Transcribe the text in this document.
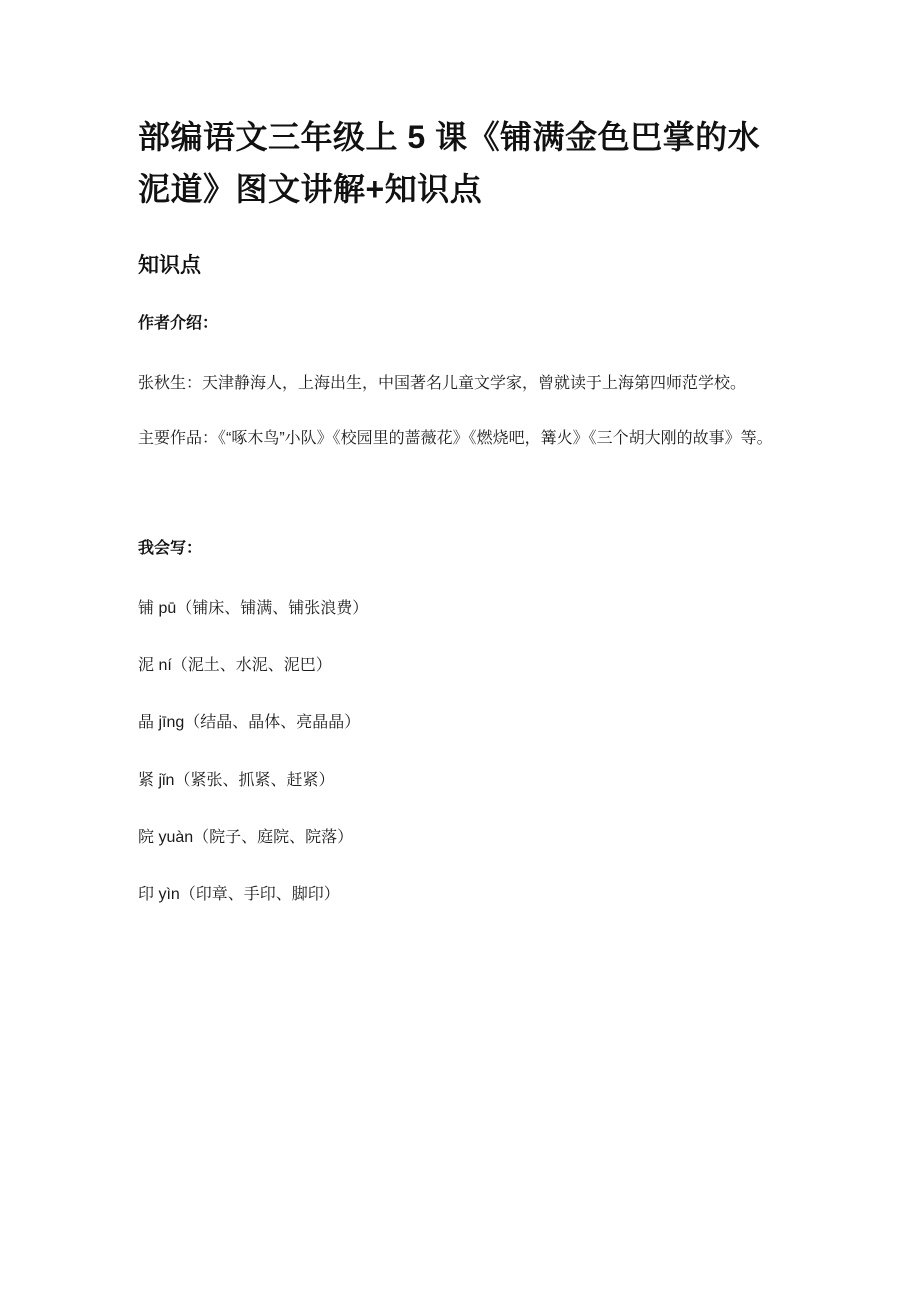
部编语文三年级上 5 课《铺满金色巴掌的水泥道》图文讲解+知识点
知识点
作者介绍：

张秋生：天津静海人，上海出生，中国著名儿童文学家，曾就读于上海第四师范学校。

主要作品：《“啄木鸟”小队》《校园里的蔷薇花》《燃烧吧，篝火》《三个胡大刚的故事》等。

我会写：

铺 pū（铺床、铺满、铺张浪费）

泥 ní（泥土、水泥、泥巴）

晶 jīng（结晶、晶体、亮晶晶）

紧 jǐn（紧张、抓紧、赶紧）

院 yuàn（院子、庭院、院落）

印 yìn（印章、手印、脚印）
